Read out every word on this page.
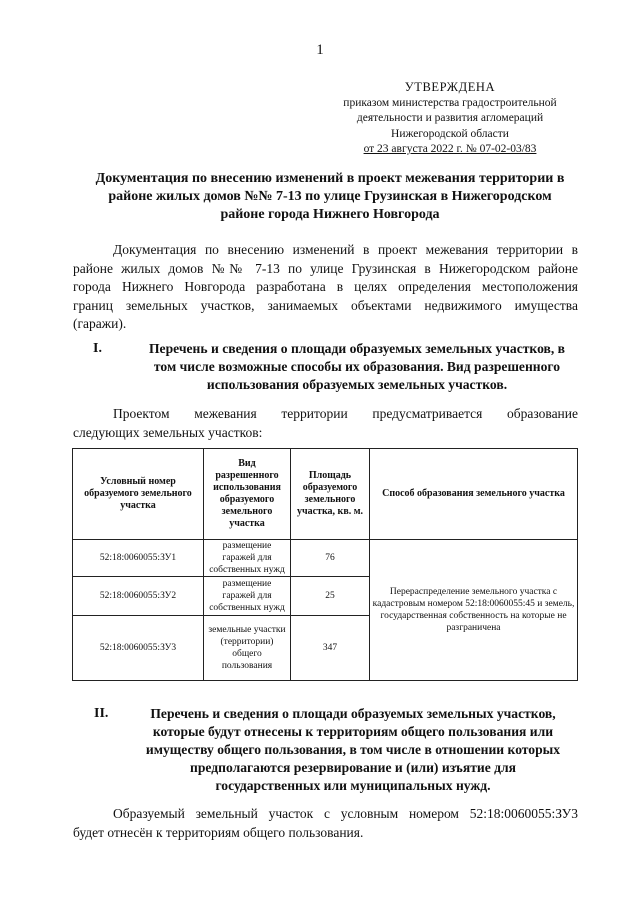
1
УТВЕРЖДЕНА
приказом министерства градостроительной
деятельности и развития агломераций
Нижегородской области
от 23 августа 2022 г. № 07-02-03/83
Документация по внесению изменений в проект межевания территории в
районе жилых домов №№ 7-13 по улице Грузинская в Нижегородском
районе города Нижнего Новгорода
Документация по внесению изменений в проект межевания территории в
районе жилых домов №№ 7-13 по улице Грузинская в Нижегородском районе
города Нижнего Новгорода разработана в целях определения местоположения
границ земельных участков, занимаемых объектами недвижимого имущества
(гаражи).
I.	Перечень и сведения о площади образуемых земельных участков, в
том числе возможные способы их образования. Вид разрешенного
использования образуемых земельных участков.
Проектом межевания территории предусматривается образование
следующих земельных участков:
Условный номер образуемого земельного участка	Вид разрешенного использования образуемого земельного участка	Площадь образуемого земельного участка, кв. м.	Способ образования земельного участка
52:18:0060055:ЗУ1	размещение гаражей для собственных нужд	76	Перераспределение земельного участка с кадастровым номером 52:18:0060055:45 и земель, государственная собственность на которые не разграничена
52:18:0060055:ЗУ2	размещение гаражей для собственных нужд	25	
52:18:0060055:ЗУ3	земельные участки (территории) общего пользования	347	
II.	Перечень и сведения о площади образуемых земельных участков,
которые будут отнесены к территориям общего пользования или
имуществу общего пользования, в том числе в отношении которых
предполагаются резервирование и (или) изъятие для
государственных или муниципальных нужд.
Образуемый земельный участок с условным номером 52:18:0060055:ЗУ3
будет отнесён к территориям общего пользования.
